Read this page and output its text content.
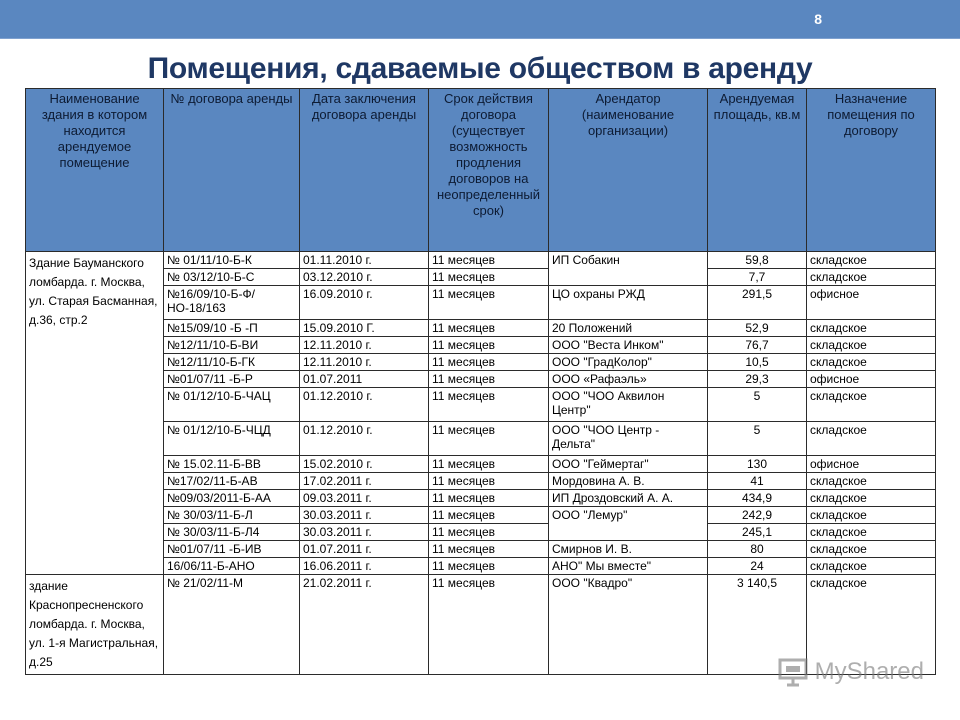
8
Помещения, сдаваемые обществом в аренду
Наименование здания в котором находится арендуемое помещение	№ договора аренды	Дата заключения договора аренды	Срок действия договора (существует возможность продления договоров на неопределенный срок)	Арендатор (наименование организации)	Арендуемая площадь, кв.м	Назначение помещения по договору
Здание Бауманского ломбарда. г. Москва, ул. Старая Басманная, д.36, стр.2	№ 01/11/10-Б-К	01.11.2010 г.	11 месяцев	ИП Собакин	59,8	складское
	№ 03/12/10-Б-С	03.12.2010 г.	11 месяцев		7,7	складское
	№16/09/10-Б-Ф/НО-18/163	16.09.2010 г.	11 месяцев	ЦО охраны РЖД	291,5	офисное
	№15/09/10 -Б -П	15.09.2010 Г.	11 месяцев	20 Положений	52,9	складское
	№12/11/10-Б-ВИ	12.11.2010 г.	11 месяцев	ООО "Веста Инком"	76,7	складское
	№12/11/10-Б-ГК	12.11.2010 г.	11 месяцев	ООО "ГрадКолор"	10,5	складское
	№01/07/11 -Б-Р	01.07.2011	11 месяцев	ООО «Рафаэль»	29,3	офисное
	№ 01/12/10-Б-ЧАЦ	01.12.2010 г.	11 месяцев	ООО "ЧОО Аквилон Центр"	5	складское
	№ 01/12/10-Б-ЧЦД	01.12.2010 г.	11 месяцев	ООО "ЧОО Центр - Дельта"	5	складское
	№ 15.02.11-Б-ВВ	15.02.2010 г.	11 месяцев	ООО "Геймертаг"	130	офисное
	№17/02/11-Б-АВ	17.02.2011 г.	11 месяцев	Мордовина А. В.	41	складское
	№09/03/2011-Б-АА	09.03.2011 г.	11 месяцев	ИП Дроздовский А. А.	434,9	складское
	№ 30/03/11-Б-Л	30.03.2011 г.	11 месяцев	ООО "Лемур"	242,9	складское
	№ 30/03/11-Б-Л4	30.03.2011 г.	11 месяцев		245,1	складское
	№01/07/11 -Б-ИВ	01.07.2011 г.	11 месяцев	Смирнов И. В.	80	складское
	16/06/11-Б-АНО	16.06.2011 г.	11 месяцев	АНО" Мы вместе"	24	складское
здание Краснопресненского ломбарда. г. Москва, ул. 1-я Магистральная, д.25	№ 21/02/11-М	21.02.2011 г.	11 месяцев	ООО "Квадро"	3 140,5	складское
MyShared
